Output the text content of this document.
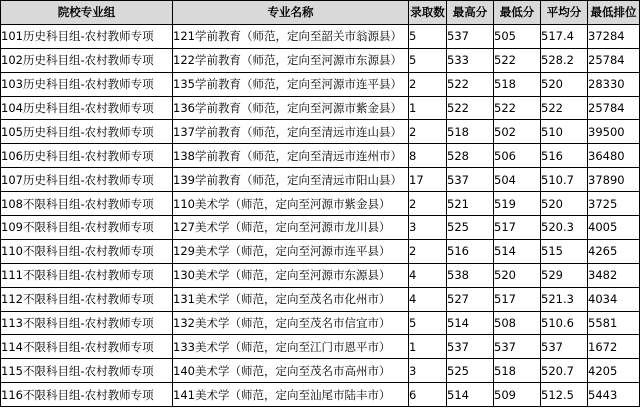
院校专业组	专业名称	录取数	最高分	最低分	平均分	最低排位
101历史科目组-农村教师专项	121学前教育（师范，定向至韶关市翁源县）	5	537	505	517.4	37284
102历史科目组-农村教师专项	122学前教育（师范，定向至河源市东源县）	5	533	522	528.2	25784
103历史科目组-农村教师专项	135学前教育（师范，定向至河源市连平县）	2	522	518	520	28330
104历史科目组-农村教师专项	136学前教育（师范，定向至河源市紫金县）	1	522	522	522	25784
105历史科目组-农村教师专项	137学前教育（师范，定向至清远市连山县）	2	518	502	510	39500
106历史科目组-农村教师专项	138学前教育（师范，定向至清远市连州市）	8	528	506	516	36480
107历史科目组-农村教师专项	139学前教育（师范，定向至清远市阳山县）	17	537	504	510.7	37890
108不限科目组-农村教师专项	110美术学（师范，定向至河源市紫金县）	2	521	519	520	3725
109不限科目组-农村教师专项	127美术学（师范，定向至河源市龙川县）	3	525	517	520.3	4005
110不限科目组-农村教师专项	129美术学（师范，定向至河源市连平县）	2	516	514	515	4265
111不限科目组-农村教师专项	130美术学（师范，定向至河源市东源县）	4	538	520	529	3482
112不限科目组-农村教师专项	131美术学（师范，定向至茂名市化州市）	4	527	517	521.3	4034
113不限科目组-农村教师专项	132美术学（师范，定向至茂名市信宜市）	5	514	508	510.6	5581
114不限科目组-农村教师专项	133美术学（师范，定向至江门市恩平市）	1	537	537	537	1672
115不限科目组-农村教师专项	140美术学（师范，定向至茂名市高州市）	3	525	518	520.7	4205
116不限科目组-农村教师专项	141美术学（师范，定向至汕尾市陆丰市）	6	514	509	512.5	5443
